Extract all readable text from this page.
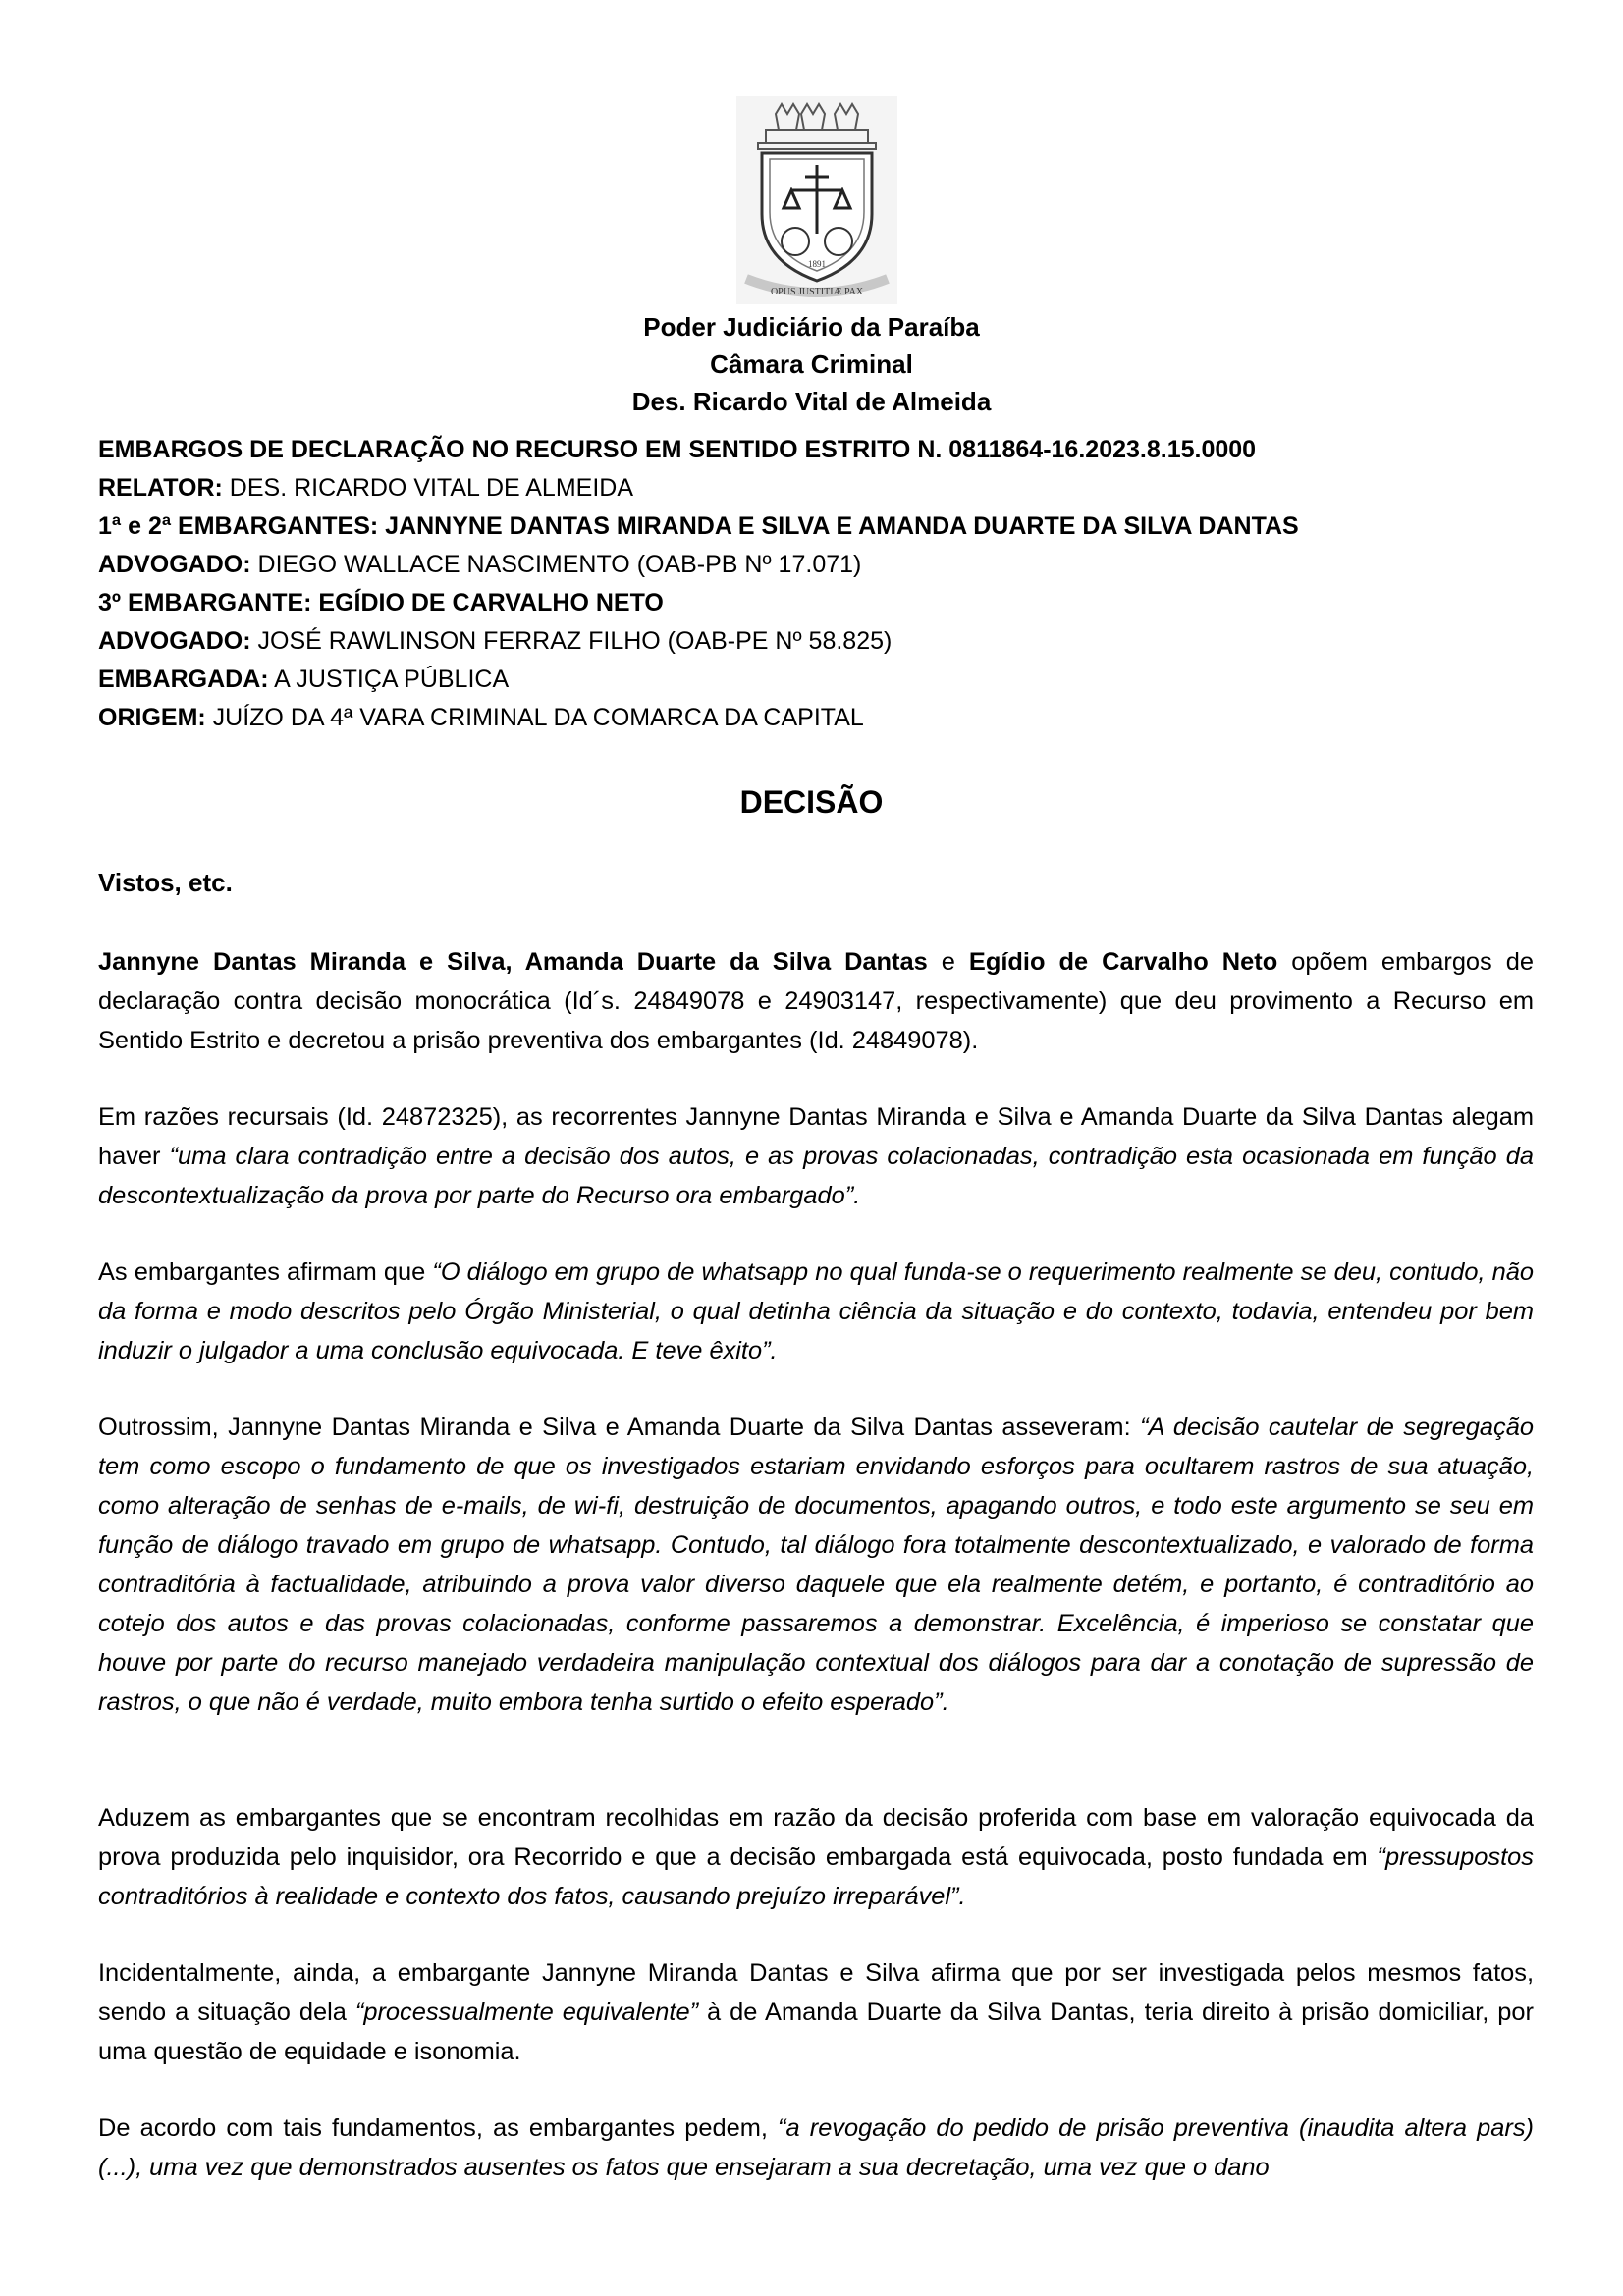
1891
OPUS JUSTITIÆ PAX
Poder Judiciário da Paraíba
Câmara Criminal
Des. Ricardo Vital de Almeida
EMBARGOS DE DECLARAÇÃO NO RECURSO EM SENTIDO ESTRITO N. 0811864-16.2023.8.15.0000
RELATOR: DES. RICARDO VITAL DE ALMEIDA
1ª e 2ª EMBARGANTES: JANNYNE DANTAS MIRANDA E SILVA E AMANDA DUARTE DA SILVA DANTAS
ADVOGADO: DIEGO WALLACE NASCIMENTO (OAB-PB Nº 17.071)
3º EMBARGANTE: EGÍDIO DE CARVALHO NETO
ADVOGADO: JOSÉ RAWLINSON FERRAZ FILHO (OAB-PE Nº 58.825)
EMBARGADA: A JUSTIÇA PÚBLICA
ORIGEM: JUÍZO DA 4ª VARA CRIMINAL DA COMARCA DA CAPITAL
DECISÃO
Vistos, etc.
Jannyne Dantas Miranda e Silva, Amanda Duarte da Silva Dantas e Egídio de Carvalho Neto opõem embargos de declaração contra decisão monocrática (Id´s. 24849078 e 24903147, respectivamente) que deu provimento a Recurso em Sentido Estrito e decretou a prisão preventiva dos embargantes (Id. 24849078).
Em razões recursais (Id. 24872325), as recorrentes Jannyne Dantas Miranda e Silva e Amanda Duarte da Silva Dantas alegam haver “uma clara contradição entre a decisão dos autos, e as provas colacionadas, contradição esta ocasionada em função da descontextualização da prova por parte do Recurso ora embargado”.
As embargantes afirmam que “O diálogo em grupo de whatsapp no qual funda-se o requerimento realmente se deu, contudo, não da forma e modo descritos pelo Órgão Ministerial, o qual detinha ciência da situação e do contexto, todavia, entendeu por bem induzir o julgador a uma conclusão equivocada. E teve êxito”.
Outrossim, Jannyne Dantas Miranda e Silva e Amanda Duarte da Silva Dantas asseveram: “A decisão cautelar de segregação tem como escopo o fundamento de que os investigados estariam envidando esforços para ocultarem rastros de sua atuação, como alteração de senhas de e-mails, de wi-fi, destruição de documentos, apagando outros, e todo este argumento se seu em função de diálogo travado em grupo de whatsapp. Contudo, tal diálogo fora totalmente descontextualizado, e valorado de forma contraditória à factualidade, atribuindo a prova valor diverso daquele que ela realmente detém, e portanto, é contraditório ao cotejo dos autos e das provas colacionadas, conforme passaremos a demonstrar. Excelência, é imperioso se constatar que houve por parte do recurso manejado verdadeira manipulação contextual dos diálogos para dar a conotação de supressão de rastros, o que não é verdade, muito embora tenha surtido o efeito esperado”.
Aduzem as embargantes que se encontram recolhidas em razão da decisão proferida com base em valoração equivocada da prova produzida pelo inquisidor, ora Recorrido e que a decisão embargada está equivocada, posto fundada em “pressupostos contraditórios à realidade e contexto dos fatos, causando prejuízo irreparável”.
Incidentalmente, ainda, a embargante Jannyne Miranda Dantas e Silva afirma que por ser investigada pelos mesmos fatos, sendo a situação dela “processualmente equivalente” à de Amanda Duarte da Silva Dantas, teria direito à prisão domiciliar, por uma questão de equidade e isonomia.
De acordo com tais fundamentos, as embargantes pedem, “a revogação do pedido de prisão preventiva (inaudita altera pars) (...), uma vez que demonstrados ausentes os fatos que ensejaram a sua decretação, uma vez que o dano
